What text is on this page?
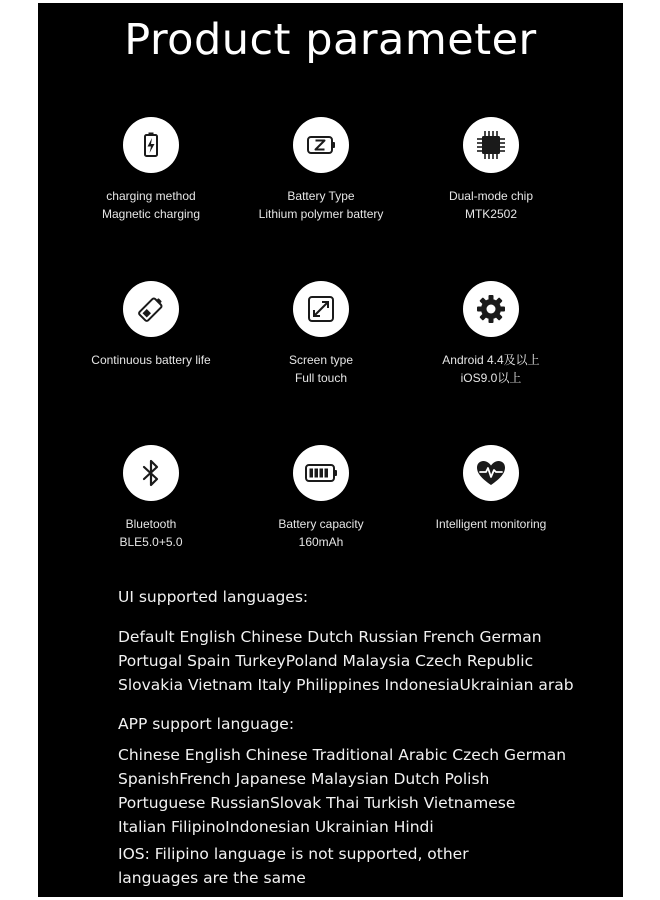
Product parameter
charging method
Magnetic charging
Battery Type
Lithium polymer battery
Dual-mode chip
MTK2502
Continuous battery life	Screen type
Full touch
Android 4.4及以上
iOS9.0以上
Bluetooth
BLE5.0+5.0
Battery capacity
160mAh
Intelligent monitoring
UI supported languages:
Default English Chinese Dutch Russian French German
Portugal Spain TurkeyPoland Malaysia Czech Republic
Slovakia Vietnam Italy Philippines IndonesiaUkrainian arab
APP support language:
Chinese English Chinese Traditional Arabic Czech German
SpanishFrench Japanese Malaysian Dutch Polish
Portuguese RussianSlovak Thai Turkish Vietnamese
Italian FilipinoIndonesian Ukrainian Hindi
IOS: Filipino language is not supported, other
languages are the same
